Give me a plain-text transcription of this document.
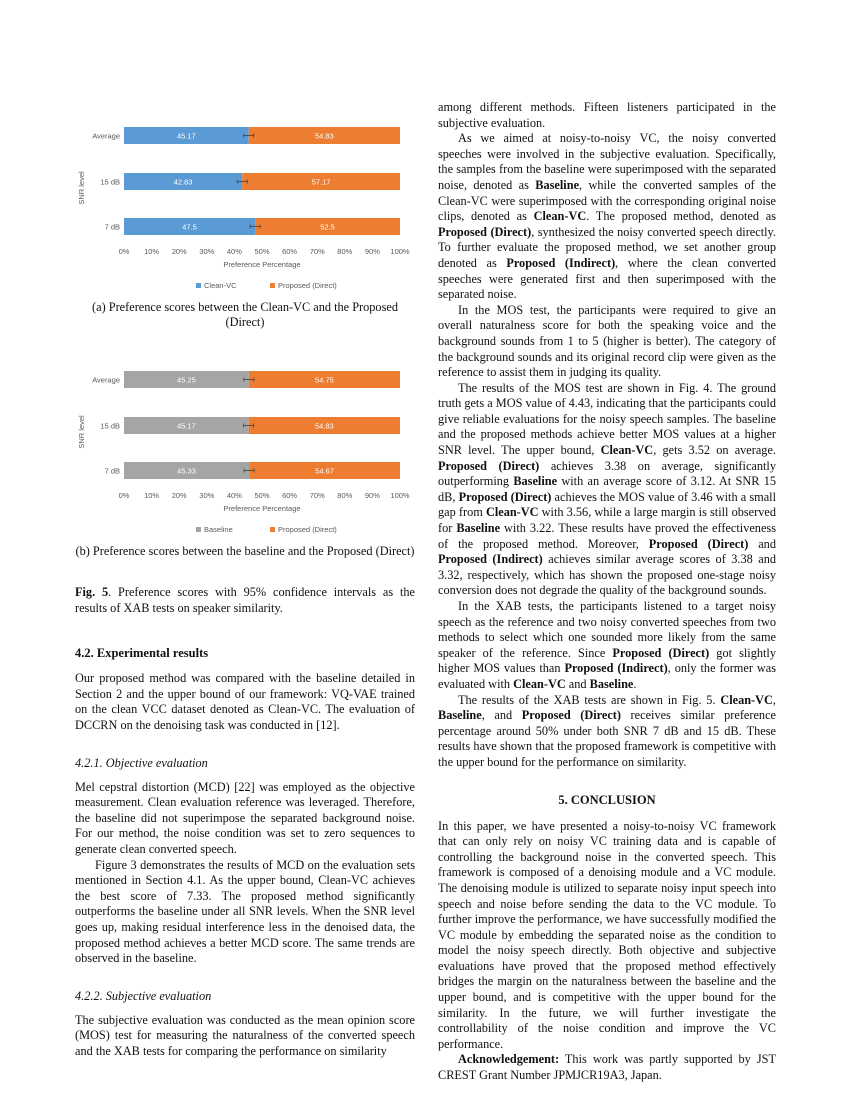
SNR level
Average	45.17	54.83
15 dB	42.83	57.17
7 dB	47.5	52.5
0% 10% 20% 30% 40% 50% 60% 70% 80% 90% 100%
Preference Percentage
Clean-VC	Proposed (Direct)
(a) Preference scores between the Clean-VC and the Proposed (Direct)
SNR level
Average	45.25	54.75
15 dB	45.17	54.83
7 dB	45.33	54.67
0% 10% 20% 30% 40% 50% 60% 70% 80% 90% 100%
Preference Percentage
Baseline	Proposed (Direct)
(b) Preference scores between the baseline and the Proposed (Direct)

Fig. 5. Preference scores with 95% confidence intervals as the results of XAB tests on speaker similarity.

4.2. Experimental results

Our proposed method was compared with the baseline detailed in Section 2 and the upper bound of our framework: VQ-VAE trained on the clean VCC dataset denoted as Clean-VC. The evaluation of DCCRN on the denoising task was conducted in [12].

4.2.1. Objective evaluation

Mel cepstral distortion (MCD) [22] was employed as the objective measurement. Clean evaluation reference was leveraged. Therefore, the baseline did not superimpose the separated background noise. For our method, the noise condition was set to zero sequences to generate clean converted speech.

Figure 3 demonstrates the results of MCD on the evaluation sets mentioned in Section 4.1. As the upper bound, Clean-VC achieves the best score of 7.33. The proposed method significantly outperforms the baseline under all SNR levels. When the SNR level goes up, making residual interference less in the denoised data, the proposed method achieves a better MCD score. The same trends are observed in the baseline.

4.2.2. Subjective evaluation

The subjective evaluation was conducted as the mean opinion score (MOS) test for measuring the naturalness of the converted speech and the XAB tests for comparing the performance on similarity

among different methods. Fifteen listeners participated in the subjective evaluation.

As we aimed at noisy-to-noisy VC, the noisy converted speeches were involved in the subjective evaluation. Specifically, the samples from the baseline were superimposed with the separated noise, denoted as Baseline, while the converted samples of the Clean-VC were superimposed with the corresponding original noise clips, denoted as Clean-VC. The proposed method, denoted as Proposed (Direct), synthesized the noisy converted speech directly. To further evaluate the proposed method, we set another group denoted as Proposed (Indirect), where the clean converted speeches were generated first and then superimposed with the separated noise.

In the MOS test, the participants were required to give an overall naturalness score for both the speaking voice and the background sounds from 1 to 5 (higher is better). The category of the background sounds and its original record clip were given as the reference to assist them in judging its quality.

The results of the MOS test are shown in Fig. 4. The ground truth gets a MOS value of 4.43, indicating that the participants could give reliable evaluations for the noisy speech samples. The baseline and the proposed methods achieve better MOS values at a higher SNR level. The upper bound, Clean-VC, gets 3.52 on average. Proposed (Direct) achieves 3.38 on average, significantly outperforming Baseline with an average score of 3.12. At SNR 15 dB, Proposed (Direct) achieves the MOS value of 3.46 with a small gap from Clean-VC with 3.56, while a large margin is still observed for Baseline with 3.22. These results have proved the effectiveness of the proposed method. Moreover, Proposed (Direct) and Proposed (Indirect) achieves similar average scores of 3.38 and 3.32, respectively, which has shown the proposed one-stage noisy conversion does not degrade the quality of the background sounds.

In the XAB tests, the participants listened to a target noisy speech as the reference and two noisy converted speeches from two methods to select which one sounded more likely from the same speaker of the reference. Since Proposed (Direct) got slightly higher MOS values than Proposed (Indirect), only the former was evaluated with Clean-VC and Baseline.

The results of the XAB tests are shown in Fig. 5. Clean-VC, Baseline, and Proposed (Direct) receives similar preference percentage around 50% under both SNR 7 dB and 15 dB. These results have shown that the proposed framework is competitive with the upper bound for the performance on similarity.

5. CONCLUSION

In this paper, we have presented a noisy-to-noisy VC framework that can only rely on noisy VC training data and is capable of controlling the background noise in the converted speech. This framework is composed of a denoising module and a VC module. The denoising module is utilized to separate noisy input speech into speech and noise before sending the data to the VC module. To further improve the performance, we have successfully modified the VC module by embedding the separated noise as the condition to model the noisy speech directly. Both objective and subjective evaluations have proved that the proposed method effectively bridges the margin on the naturalness between the baseline and the upper bound, and is competitive with the upper bound for the similarity. In the future, we will further investigate the controllability of the noise condition and improve the VC performance.

Acknowledgement: This work was partly supported by JST CREST Grant Number JPMJCR19A3, Japan.
